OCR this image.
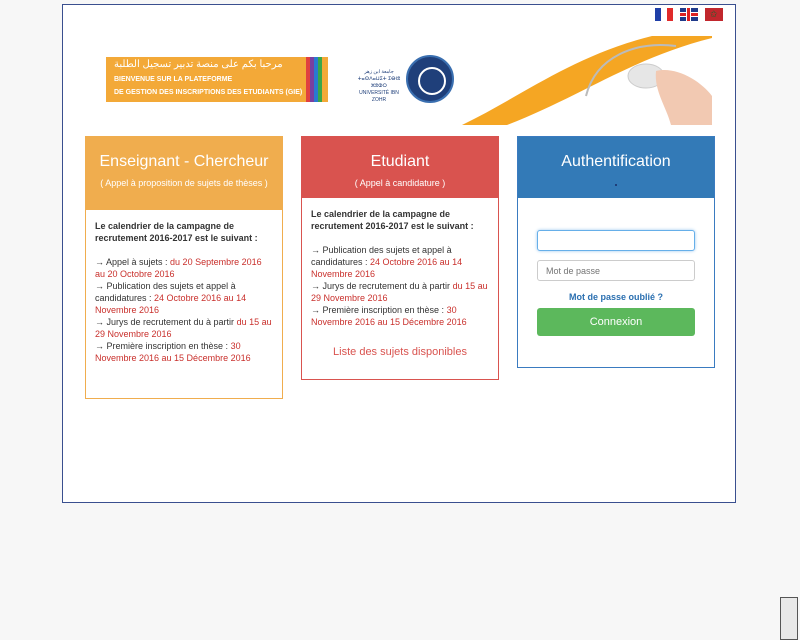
✩
مرحبا بكم على منصة تدبير تسجيل الطلبة
BIENVENUE SUR LA PLATEFORME
DE GESTION DES INSCRIPTIONS DES ETUDIANTS (GIE)
جامعة ابن زهر
ⵜⴰⵙⴷⴰⵡⵉⵜ ⵉⴱⵏⵓ ⵣⵓⵀⵔ
UNIVERSITÉ IBN ZOHR
Enseignant - Chercheur
( Appel à proposition de sujets de thèses )
Le calendrier de la campagne de recrutement 2016-2017 est le suivant :
→ Appel à sujets : du 20 Septembre 2016 au 20 Octobre 2016
→ Publication des sujets et appel à candidatures : 24 Octobre 2016 au 14 Novembre 2016
→ Jurys de recrutement du à partir du 15 au 29 Novembre 2016
→ Première inscription en thèse : 30 Novembre 2016 au 15 Décembre 2016
Etudiant
( Appel à candidature )
Le calendrier de la campagne de recrutement 2016-2017 est le suivant :
→ Publication des sujets et appel à candidatures : 24 Octobre 2016 au 14 Novembre 2016
→ Jurys de recrutement du à partir du 15 au 29 Novembre 2016
→ Première inscription en thèse : 30 Novembre 2016 au 15 Décembre 2016
Liste des sujets disponibles
Authentification
Mot de passe oublié ?
Connexion
